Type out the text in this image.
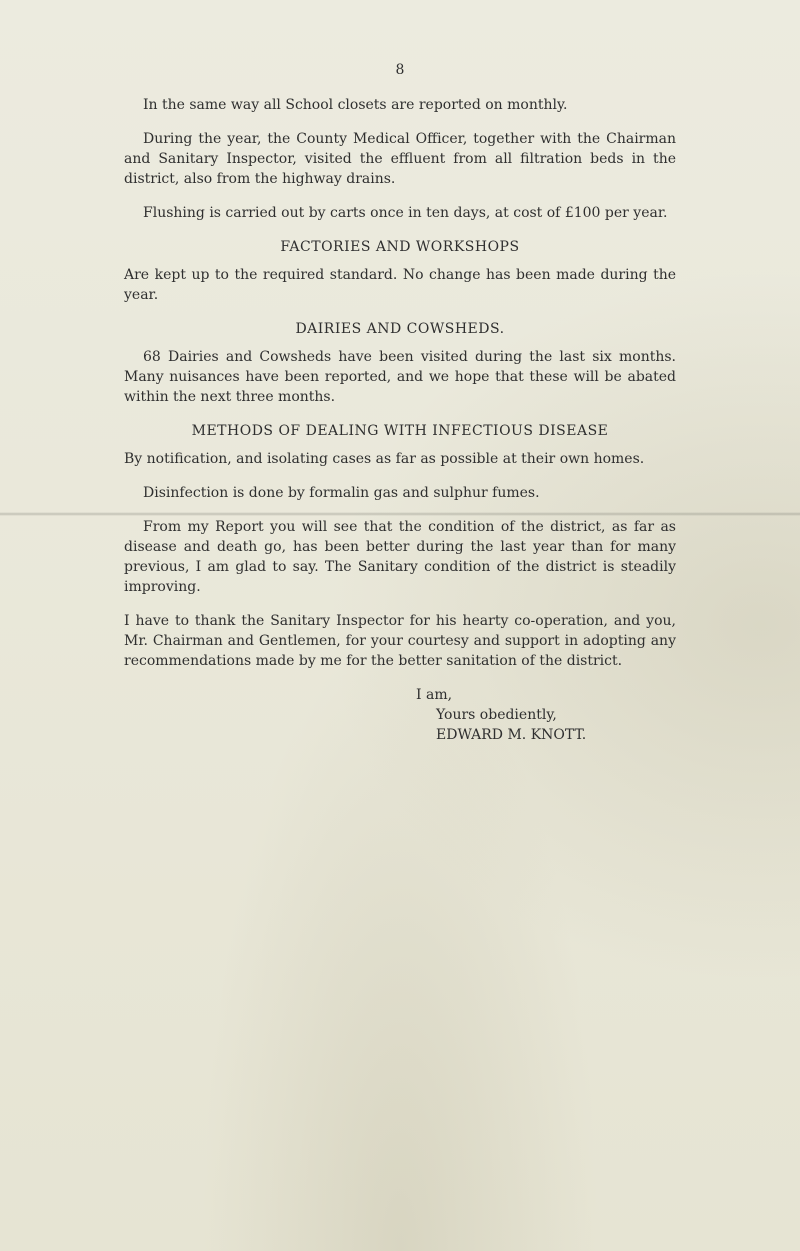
8

In the same way all School closets are reported on monthly.

During the year, the County Medical Officer, together with the Chairman and Sanitary Inspector, visited the effluent from all filtration beds in the district, also from the highway drains.

Flushing is carried out by carts once in ten days, at cost of £100 per year.

FACTORIES AND WORKSHOPS

Are kept up to the required standard. No change has been made during the year.

DAIRIES AND COWSHEDS.

68 Dairies and Cowsheds have been visited during the last six months. Many nuisances have been reported, and we hope that these will be abated within the next three months.

METHODS OF DEALING WITH INFECTIOUS DISEASE

By notification, and isolating cases as far as possible at their own homes.

Disinfection is done by formalin gas and sulphur fumes.

From my Report you will see that the condition of the district, as far as disease and death go, has been better during the last year than for many previous, I am glad to say. The Sanitary condition of the district is steadily improving.

I have to thank the Sanitary Inspector for his hearty co-operation, and you, Mr. Chairman and Gentlemen, for your courtesy and support in adopting any recommendations made by me for the better sanitation of the district.

I am,
Yours obediently,
EDWARD M. KNOTT.
